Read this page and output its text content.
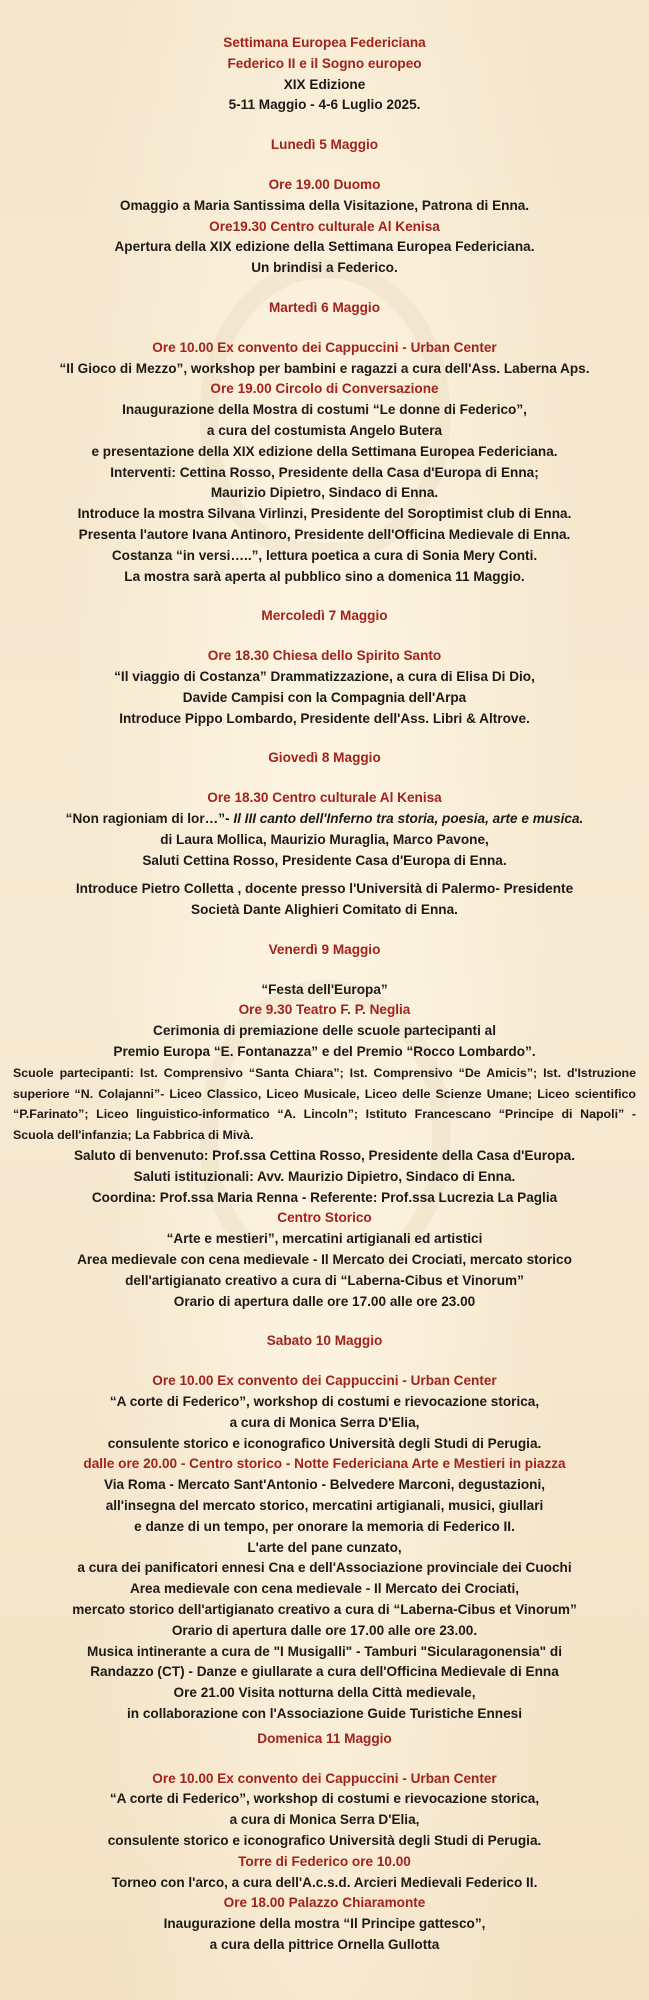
Settimana Europea Federiciana
Federico II e il Sogno europeo
XIX Edizione
5-11 Maggio - 4-6 Luglio 2025.
Lunedì 5 Maggio
Ore 19.00 Duomo
Omaggio a Maria Santissima della Visitazione, Patrona di Enna.
Ore19.30 Centro culturale Al Kenisa
Apertura della XIX edizione della Settimana Europea Federiciana.
Un brindisi a Federico.
Martedì 6 Maggio
Ore 10.00 Ex convento dei Cappuccini - Urban Center
“Il Gioco di Mezzo”, workshop per bambini e ragazzi a cura dell'Ass. Laberna Aps.
Ore 19.00 Circolo di Conversazione
Inaugurazione della Mostra di costumi “Le donne di Federico”,
a cura del costumista Angelo Butera
e presentazione della XIX edizione della Settimana Europea Federiciana.
Interventi: Cettina Rosso, Presidente della Casa d'Europa di Enna;
Maurizio Dipietro, Sindaco di Enna.
Introduce la mostra Silvana Virlinzi, Presidente del Soroptimist club di Enna.
Presenta l'autore Ivana Antinoro, Presidente dell'Officina Medievale di Enna.
Costanza “in versi…..”, lettura poetica a cura di Sonia Mery Conti.
La mostra sarà aperta al pubblico sino a domenica 11 Maggio.
Mercoledì 7 Maggio
Ore 18.30 Chiesa dello Spirito Santo
“Il viaggio di Costanza” Drammatizzazione, a cura di Elisa Di Dio,
Davide Campisi con la Compagnia dell'Arpa
Introduce Pippo Lombardo, Presidente dell'Ass. Libri & Altrove.
Giovedì 8 Maggio
Ore 18.30 Centro culturale Al Kenisa
“Non ragioniam di lor…”- Il III canto dell'Inferno tra storia, poesia, arte e musica.
di Laura Mollica, Maurizio Muraglia, Marco Pavone,
Saluti Cettina Rosso, Presidente Casa d'Europa di Enna.
Introduce Pietro Colletta , docente presso l'Università di Palermo- Presidente
Società Dante Alighieri Comitato di Enna.
Venerdì 9 Maggio
“Festa dell'Europa”
Ore 9.30 Teatro F. P. Neglia
Cerimonia di premiazione delle scuole partecipanti al
Premio Europa “E. Fontanazza” e del Premio “Rocco Lombardo”.
Scuole partecipanti: Ist. Comprensivo “Santa Chiara”; Ist. Comprensivo “De Amicis”; Ist. d'Istruzione superiore “N. Colajanni”- Liceo Classico, Liceo Musicale, Liceo delle Scienze Umane; Liceo scientifico “P.Farinato”; Liceo linguistico-informatico “A. Lincoln”; Istituto Francescano “Principe di Napoli” - Scuola dell'infanzia; La Fabbrica di Mivà.
Saluto di benvenuto: Prof.ssa Cettina Rosso, Presidente della Casa d'Europa.
Saluti istituzionali: Avv. Maurizio Dipietro, Sindaco di Enna.
Coordina: Prof.ssa Maria Renna - Referente: Prof.ssa Lucrezia La Paglia
Centro Storico
“Arte e mestieri”, mercatini artigianali ed artistici
Area medievale con cena medievale - Il Mercato dei Crociati, mercato storico
dell'artigianato creativo a cura di “Laberna-Cibus et Vinorum”
Orario di apertura dalle ore 17.00 alle ore 23.00
Sabato 10 Maggio
Ore 10.00 Ex convento dei Cappuccini - Urban Center
“A corte di Federico”, workshop di costumi e rievocazione storica,
a cura di Monica Serra D'Elia,
consulente storico e iconografico Università degli Studi di Perugia.
dalle ore 20.00 - Centro storico - Notte Federiciana Arte e Mestieri in piazza
Via Roma - Mercato Sant'Antonio - Belvedere Marconi, degustazioni,
all'insegna del mercato storico, mercatini artigianali, musici, giullari
e danze di un tempo, per onorare la memoria di Federico II.
L'arte del pane cunzato,
a cura dei panificatori ennesi Cna e dell'Associazione provinciale dei Cuochi
Area medievale con cena medievale - Il Mercato dei Crociati,
mercato storico dell'artigianato creativo a cura di “Laberna-Cibus et Vinorum”
Orario di apertura dalle ore 17.00 alle ore 23.00.
Musica intinerante a cura de "I Musigalli" - Tamburi "Sicularagonensia" di
Randazzo (CT) - Danze e giullarate a cura dell'Officina Medievale di Enna
Ore 21.00 Visita notturna della Città medievale,
in collaborazione con l'Associazione Guide Turistiche Ennesi
Domenica 11 Maggio
Ore 10.00 Ex convento dei Cappuccini - Urban Center
“A corte di Federico”, workshop di costumi e rievocazione storica,
a cura di Monica Serra D'Elia,
consulente storico e iconografico Università degli Studi di Perugia.
Torre di Federico ore 10.00
Torneo con l'arco, a cura dell'A.c.s.d. Arcieri Medievali Federico II.
Ore 18.00 Palazzo Chiaramonte
Inaugurazione della mostra “Il Principe gattesco”,
a cura della pittrice Ornella Gullotta
